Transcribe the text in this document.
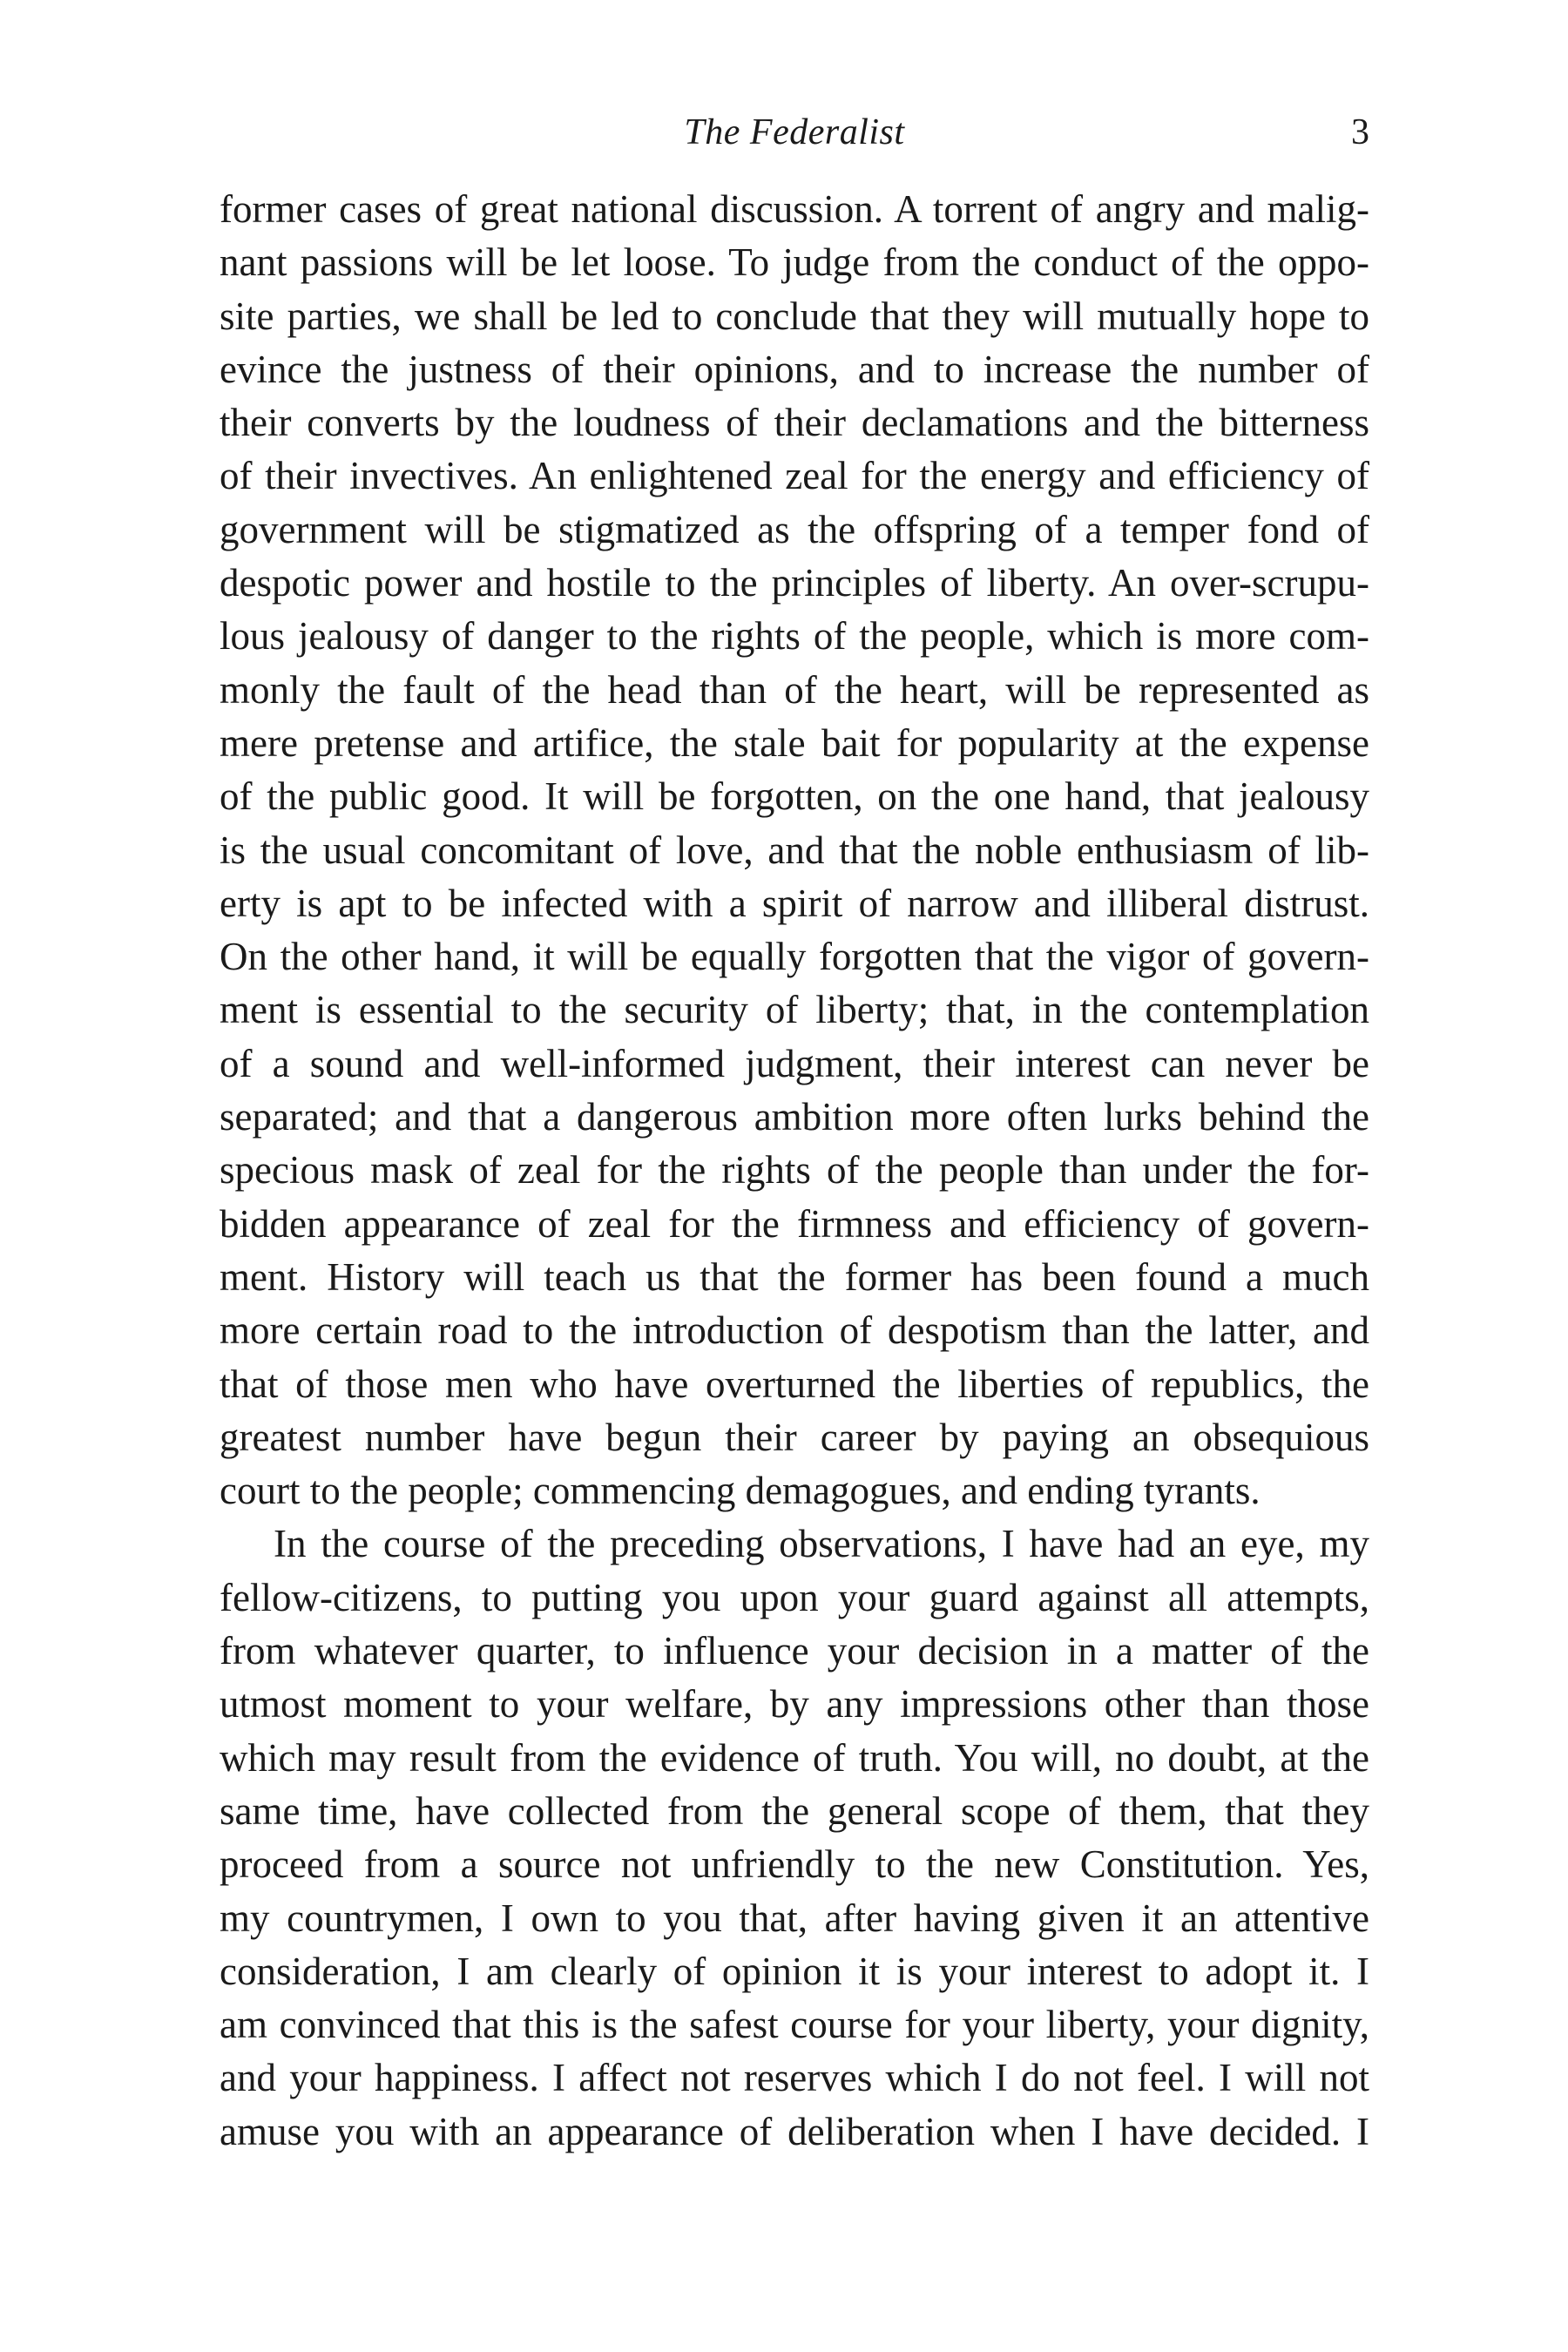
The Federalist	3
former cases of great national discussion. A torrent of angry and malig-
nant passions will be let loose. To judge from the conduct of the oppo-
site parties, we shall be led to conclude that they will mutually hope to
evince the justness of their opinions, and to increase the number of
their converts by the loudness of their declamations and the bitterness
of their invectives. An enlightened zeal for the energy and efficiency of
government will be stigmatized as the offspring of a temper fond of
despotic power and hostile to the principles of liberty. An over-scrupu-
lous jealousy of danger to the rights of the people, which is more com-
monly the fault of the head than of the heart, will be represented as
mere pretense and artifice, the stale bait for popularity at the expense
of the public good. It will be forgotten, on the one hand, that jealousy
is the usual concomitant of love, and that the noble enthusiasm of lib-
erty is apt to be infected with a spirit of narrow and illiberal distrust.
On the other hand, it will be equally forgotten that the vigor of govern-
ment is essential to the security of liberty; that, in the contemplation
of a sound and well-informed judgment, their interest can never be
separated; and that a dangerous ambition more often lurks behind the
specious mask of zeal for the rights of the people than under the for-
bidden appearance of zeal for the firmness and efficiency of govern-
ment. History will teach us that the former has been found a much
more certain road to the introduction of despotism than the latter, and
that of those men who have overturned the liberties of republics, the
greatest number have begun their career by paying an obsequious
court to the people; commencing demagogues, and ending tyrants.
In the course of the preceding observations, I have had an eye, my
fellow-citizens, to putting you upon your guard against all attempts,
from whatever quarter, to influence your decision in a matter of the
utmost moment to your welfare, by any impressions other than those
which may result from the evidence of truth. You will, no doubt, at the
same time, have collected from the general scope of them, that they
proceed from a source not unfriendly to the new Constitution. Yes,
my countrymen, I own to you that, after having given it an attentive
consideration, I am clearly of opinion it is your interest to adopt it. I
am convinced that this is the safest course for your liberty, your dignity,
and your happiness. I affect not reserves which I do not feel. I will not
amuse you with an appearance of deliberation when I have decided. I
